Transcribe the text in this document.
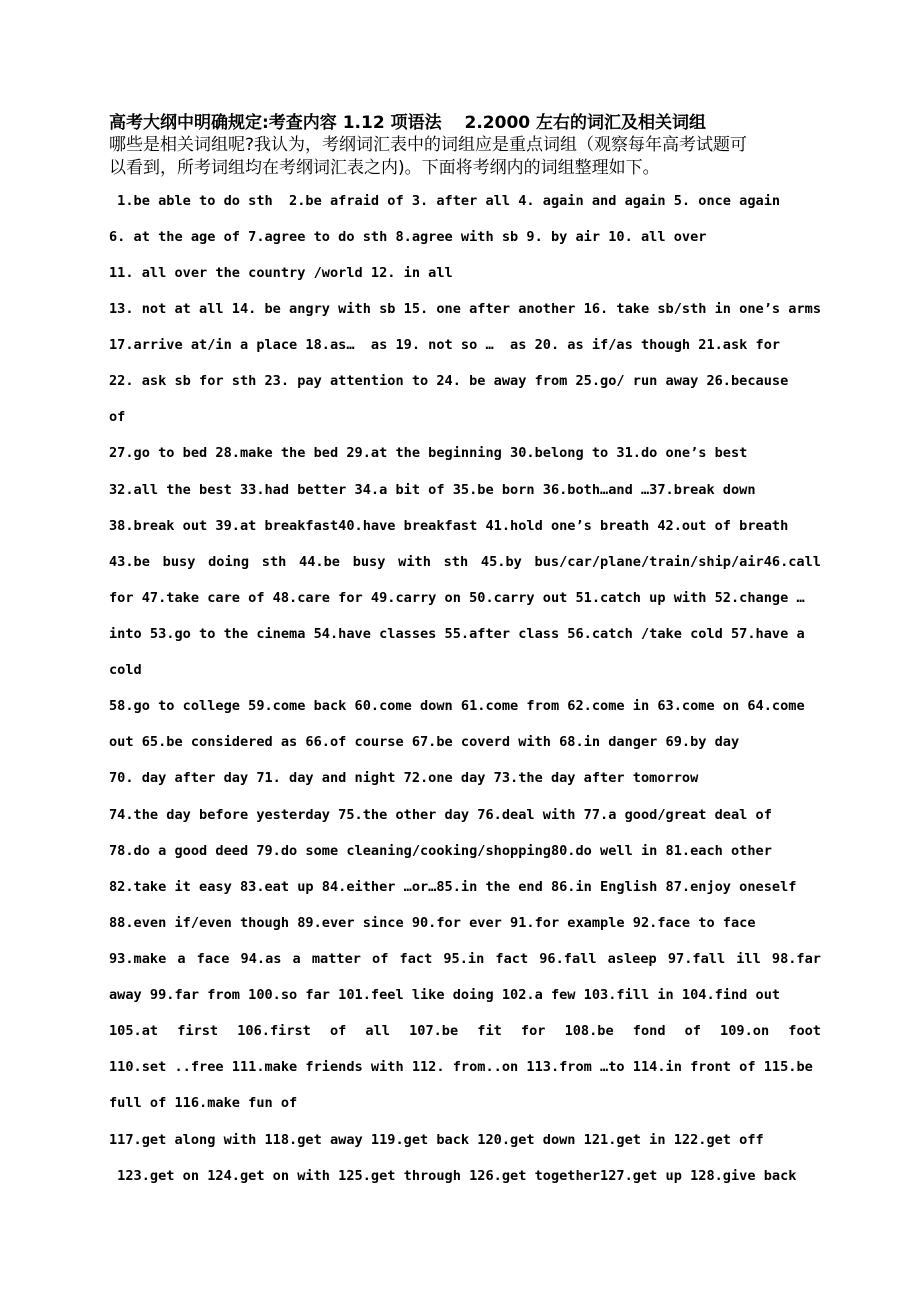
高考大纲中明确规定:考查内容 1.12 项语法　 2.2000 左右的词汇及相关词组
哪些是相关词组呢?我认为，考纲词汇表中的词组应是重点词组（观察每年高考试题可
以看到，所考词组均在考纲词汇表之内)。下面将考纲内的词组整理如下。
1.be able to do sth  2.be afraid of 3. after all 4. again and again 5. once again
6. at the age of 7.agree to do sth 8.agree with sb 9. by air 10. all over
11. all over the country /world 12. in all
13. not at all 14. be angry with sb 15. one after another 16. take sb/sth in one’s arms
17.arrive at/in a place 18.as…  as 19. not so …  as 20. as if/as though 21.ask for
22. ask sb for sth 23. pay attention to 24. be away from 25.go/ run away 26.because
of
27.go to bed 28.make the bed 29.at the beginning 30.belong to 31.do one’s best
32.all the best 33.had better 34.a bit of 35.be born 36.both…and …37.break down
38.break out 39.at breakfast40.have breakfast 41.hold one’s breath 42.out of breath
43.be busy doing sth 44.be busy with sth 45.by bus/car/plane/train/ship/air46.call
for 47.take care of 48.care for 49.carry on 50.carry out 51.catch up with 52.change …
into 53.go to the cinema 54.have classes 55.after class 56.catch /take cold 57.have a
cold
58.go to college 59.come back 60.come down 61.come from 62.come in 63.come on 64.come
out 65.be considered as 66.of course 67.be coverd with 68.in danger 69.by day
70. day after day 71. day and night 72.one day 73.the day after tomorrow
74.the day before yesterday 75.the other day 76.deal with 77.a good/great deal of
78.do a good deed 79.do some cleaning/cooking/shopping80.do well in 81.each other
82.take it easy 83.eat up 84.either …or…85.in the end 86.in English 87.enjoy oneself
88.even if/even though 89.ever since 90.for ever 91.for example 92.face to face
93.make a face 94.as a matter of fact 95.in fact 96.fall asleep 97.fall ill 98.far
away 99.far from 100.so far 101.feel like doing 102.a few 103.fill in 104.find out
105.at first 106.first of all 107.be fit for 108.be fond of 109.on foot
110.set ..free 111.make friends with 112. from..on 113.from …to 114.in front of 115.be
full of 116.make fun of
117.get along with 118.get away 119.get back 120.get down 121.get in 122.get off
123.get on 124.get on with 125.get through 126.get together127.get up 128.give back
